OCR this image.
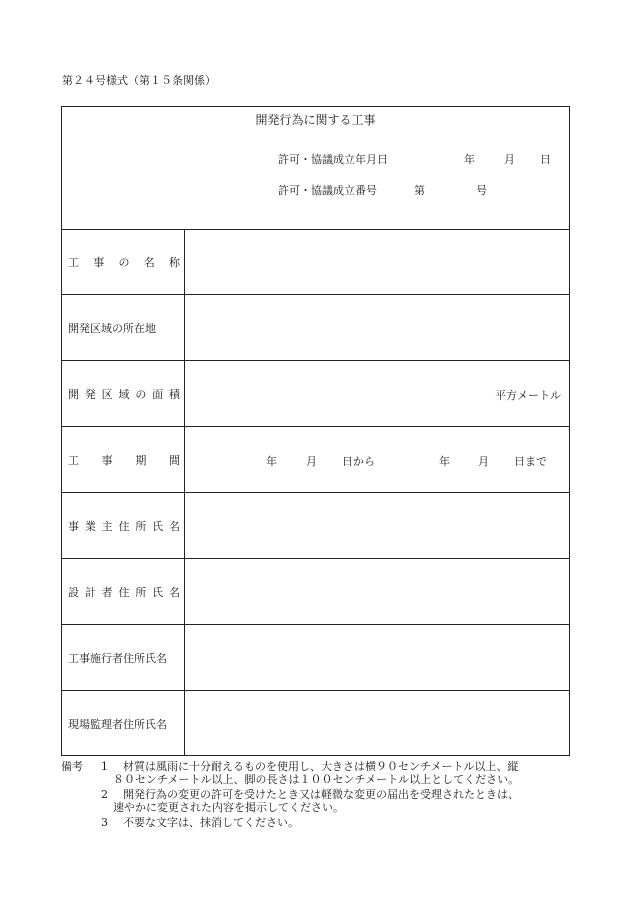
第２４号様式（第１５条関係）
開発行為に関する工事
許可・協議成立年月日	年	月 日
許可・協議成立番号	第	号
工 事 の 名 称
開発区域の所在地
開 発 区 域 の 面 積	平方メートル
工 事 期 間	年	月 日から	年	月 日まで
事 業 主 住 所 氏 名
設 計 者 住 所 氏 名
工事施行者住所氏名
現場監理者住所氏名
備考 1 材質は風雨に十分耐えるものを使用し、大きさは横９０センチメートル以上、縦
８０センチメートル以上、脚の長さは１００センチメートル以上としてください。
2 開発行為の変更の許可を受けたとき又は軽微な変更の届出を受理されたときは、
速やかに変更された内容を掲示してください。
3 不要な文字は、抹消してください。
